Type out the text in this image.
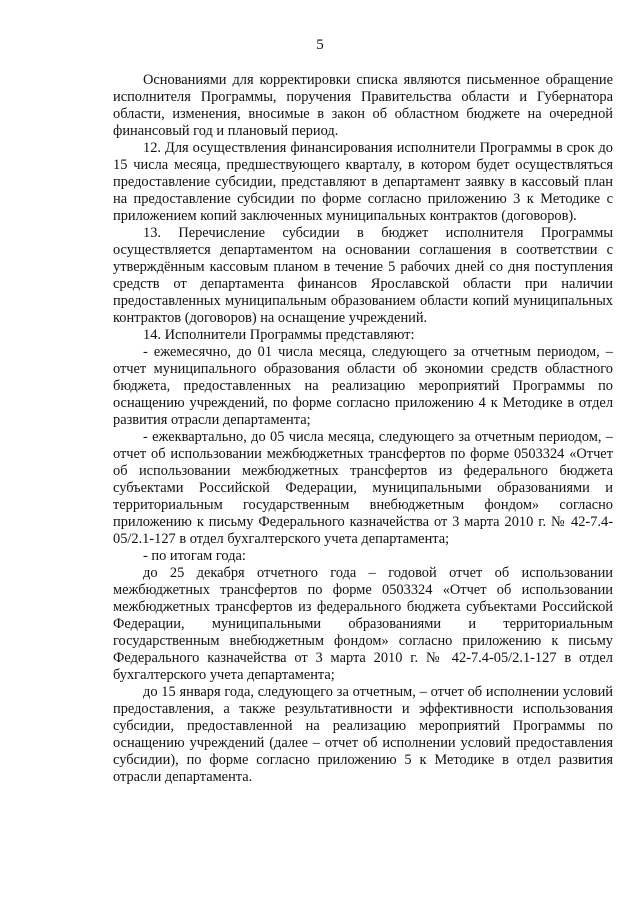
5

Основаниями для корректировки списка являются письменное обращение исполнителя Программы, поручения Правительства области и Губернатора области, изменения, вносимые в закон об областном бюджете на очередной финансовый год и плановый период.

12. Для осуществления финансирования исполнители Программы в срок до 15 числа месяца, предшествующего кварталу, в котором будет осуществляться предоставление субсидии, представляют в департамент заявку в кассовый план на предоставление субсидии по форме согласно приложению 3 к Методике с приложением копий заключенных муниципальных контрактов (договоров).

13. Перечисление субсидии в бюджет исполнителя Программы осуществляется департаментом на основании соглашения в соответствии с утверждённым кассовым планом в течение 5 рабочих дней со дня поступления средств от департамента финансов Ярославской области при наличии предоставленных муниципальным образованием области копий муниципальных контрактов (договоров) на оснащение учреждений.

14. Исполнители Программы представляют:

- ежемесячно, до 01 числа месяца, следующего за отчетным периодом, – отчет муниципального образования области об экономии средств областного бюджета, предоставленных на реализацию мероприятий Программы по оснащению учреждений, по форме согласно приложению 4 к Методике в отдел развития отрасли департамента;

- ежеквартально, до 05 числа месяца, следующего за отчетным периодом, – отчет об использовании межбюджетных трансфертов по форме 0503324 «Отчет об использовании межбюджетных трансфертов из федерального бюджета субъектами Российской Федерации, муниципальными образованиями и территориальным государственным внебюджетным фондом» согласно приложению к письму Федерального казначейства от 3 марта 2010 г. № 42-7.4-05/2.1-127 в отдел бухгалтерского учета департамента;

- по итогам года:

до 25 декабря отчетного года – годовой отчет об использовании межбюджетных трансфертов по форме 0503324 «Отчет об использовании межбюджетных трансфертов из федерального бюджета субъектами Российской Федерации, муниципальными образованиями и территориальным государственным внебюджетным фондом» согласно приложению к письму Федерального казначейства от 3 марта 2010 г. № 42-7.4-05/2.1-127 в отдел бухгалтерского учета департамента;

до 15 января года, следующего за отчетным, – отчет об исполнении условий предоставления, а также результативности и эффективности использования субсидии, предоставленной на реализацию мероприятий Программы по оснащению учреждений (далее – отчет об исполнении условий предоставления субсидии), по форме согласно приложению 5 к Методике в отдел развития отрасли департамента.
